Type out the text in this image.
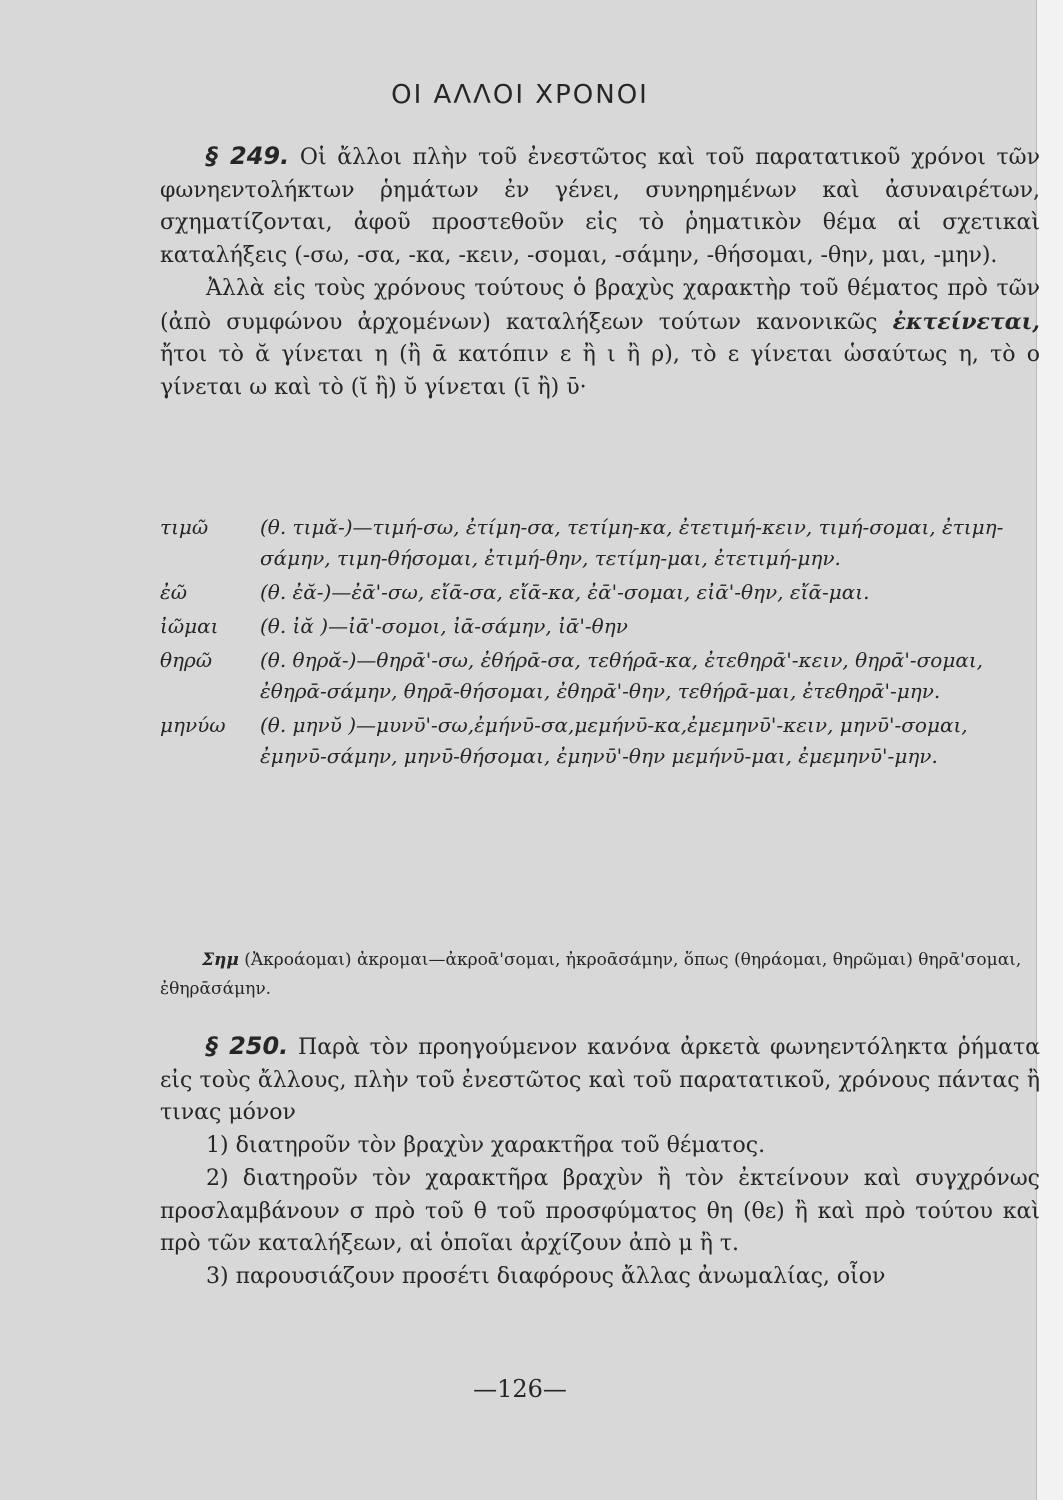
ΟΙ ΑΛΛΟΙ ΧΡΟΝΟΙ

§ 249. Οἱ ἄλλοι πλὴν τοῦ ἐνεστῶτος καὶ τοῦ παρατατικοῦ χρόνοι τῶν φωνηεντολήκτων ῥημάτων ἐν γένει, συνηρημένων καὶ ἀσυναιρέτων, σχηματίζονται, ἀφοῦ προστεθοῦν εἰς τὸ ῥηματικὸν θέμα αἱ σχετικαὶ καταλήξεις (-σω, -σα, -κα, -κειν, -σομαι, -σάμην, -θήσομαι, -θην, μαι, -μην).

Ἀλλὰ εἰς τοὺς χρόνους τούτους ὁ βραχὺς χαρακτὴρ τοῦ θέματος πρὸ τῶν (ἀπὸ συμφώνου ἀρχομένων) καταλήξεων τούτων κανονικῶς ἐκτείνεται, ἤτοι τὸ ᾰ γίνεται η (ἢ ᾱ κατόπιν ε ἢ ι ἢ ρ), τὸ ε γίνεται ὡσαύτως η, τὸ ο γίνεται ω καὶ τὸ (ῐ ἢ) ῠ γίνεται (ῑ ἢ) ῡ·

τιμῶ	(θ. τιμᾰ-)—τιμή-σω, ἐτίμη-σα, τετίμη-κα, ἐτετιμή-κειν, τιμή-σομαι, ἐτιμη-σάμην, τιμη-θήσομαι, ἐτιμή-θην, τετίμη-μαι, ἐτετιμή-μην.
ἐῶ	(θ. ἐᾰ-)—ἐᾱ'-σω, εἴᾱ-σα, εἴᾱ-κα, ἐᾱ'-σομαι, εἰᾱ'-θην, εἴᾱ-μαι.
ἰῶμαι	(θ. ἰᾰ )—ἰᾱ'-σομοι, ἰᾱ-σάμην, ἰᾱ'-θην
θηρῶ	(θ. θηρᾰ-)—θηρᾱ'-σω, ἐθήρᾱ-σα, τεθήρᾱ-κα, ἐτεθηρᾱ'-κειν, θηρᾱ'-σομαι, ἐθηρᾱ-σάμην, θηρᾱ-θήσομαι, ἐθηρᾱ'-θην, τεθήρᾱ-μαι, ἐτεθηρᾱ'-μην.
μηνύω	(θ. μηνῠ )—μυνῡ'-σω,ἐμήνῡ-σα,μεμήνῡ-κα,ἐμεμηνῡ'-κειν, μηνῡ'-σομαι, ἐμηνῡ-σάμην, μηνῡ-θήσομαι, ἐμηνῡ'-θην μεμήνῡ-μαι, ἐμεμηνῡ'-μην.
Σημ (Ἀκροάομαι) ἀκρομαι—ἀκροᾱ'σομαι, ἠκροᾱσάμην, ὅπως (θηράομαι, θηρῶμαι) θηρᾱ'σομαι, ἐθηρᾱσάμην.

§ 250. Παρὰ τὸν προηγούμενον κανόνα ἀρκετὰ φωνηεντόληκτα ῥήματα εἰς τοὺς ἄλλους, πλὴν τοῦ ἐνεστῶτος καὶ τοῦ παρατατικοῦ, χρόνους πάντας ἢ τινας μόνον

1) διατηροῦν τὸν βραχὺν χαρακτῆρα τοῦ θέματος.

2) διατηροῦν τὸν χαρακτῆρα βραχὺν ἢ τὸν ἐκτείνουν καὶ συγχρόνως προσλαμβάνουν σ πρὸ τοῦ θ τοῦ προσφύματος θη (θε) ἢ καὶ πρὸ τούτου καὶ πρὸ τῶν καταλήξεων, αἱ ὁποῖαι ἀρχίζουν ἀπὸ μ ἢ τ.

3) παρουσιάζουν προσέτι διαφόρους ἄλλας ἀνωμαλίας, οἷον

—126—
